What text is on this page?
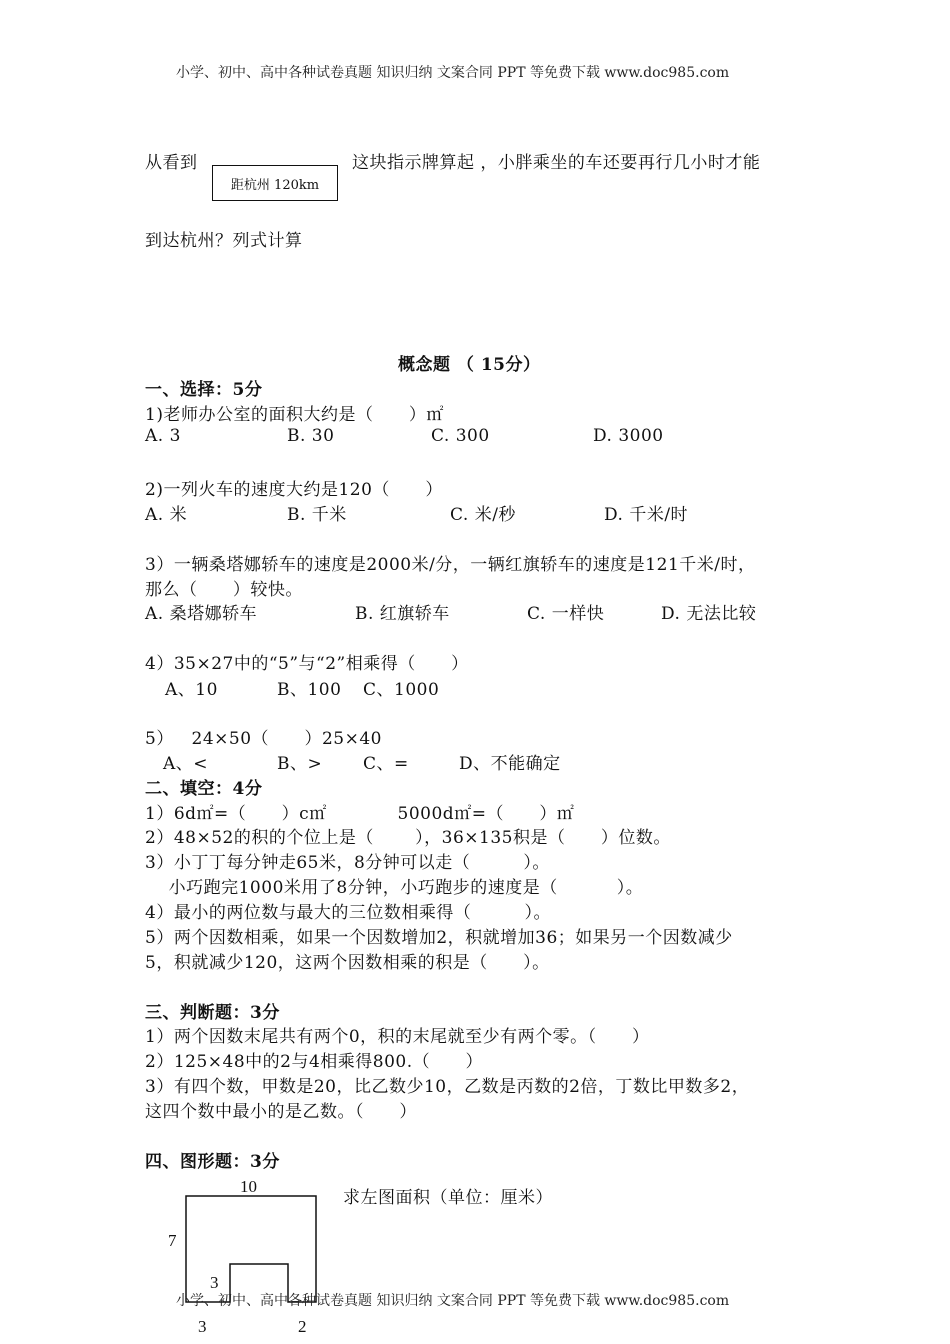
小学、初中、高中各种试卷真题 知识归纳 文案合同 PPT 等免费下载 www.doc985.com
从看到
距杭州 120km
这块指示牌算起 ，小胖乘坐的车还要再行几小时才能
到达杭州？列式计算
概念题 （ 15分）
一、选择：5分
1)老师办公室的面积大约是（      ）㎡
A. 3	B. 30	C. 300	D. 3000
2)一列火车的速度大约是120（      ）
A. 米	B. 千米	C. 米/秒	D. 千米/时
3）一辆桑塔娜轿车的速度是2000米/分，一辆红旗轿车的速度是121千米/时，
那么（      ）较快。
A. 桑塔娜轿车	B. 红旗轿车	C. 一样快	D. 无法比较
4）35×27中的“5”与“2”相乘得（      ）
A、10	B、100 C、1000
5）   24×50（      ）25×40
A、<	B、> C、=	D、不能确定
二、填空：4分
1）6d㎡=（      ）c㎡            5000d㎡=（      ）㎡
2）48×52的积的个位上是（       ），36×135积是（      ）位数。
3）小丁丁每分钟走65米，8分钟可以走（         ）。
小巧跑完1000米用了8分钟，小巧跑步的速度是（          ）。
4）最小的两位数与最大的三位数相乘得（         ）。
5）两个因数相乘，如果一个因数增加2，积就增加36；如果另一个因数减少
5，积就减少120，这两个因数相乘的积是（      ）。
三、判断题：3分
1）两个因数末尾共有两个0，积的末尾就至少有两个零。（      ）
2）125×48中的2与4相乘得800.（      ）
3）有四个数，甲数是20，比乙数少10，乙数是丙数的2倍，丁数比甲数多2，
这四个数中最小的是乙数。（      ）
四、图形题：3分
求左图面积（单位：厘米）
10
7
3
3	2
小学、初中、高中各种试卷真题 知识归纳 文案合同 PPT 等免费下载 www.doc985.com
